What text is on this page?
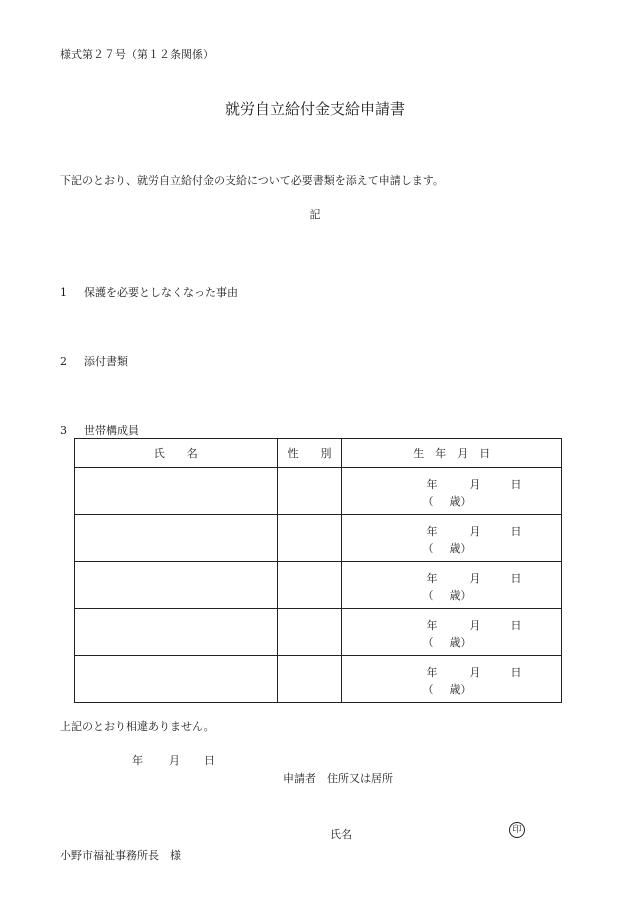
様式第２７号（第１２条関係）
就労自立給付金支給申請書
下記のとおり、就労自立給付金の支給について必要書類を添えて申請します。
記
1 保護を必要としなくなった事由
2 添付書類
3 世帯構成員
氏　　名	性　　別	生　年　月　日

		年 月 日
（ 歳）

		年 月 日
（ 歳）

		年 月 日
（ 歳）

		年 月 日
（ 歳）

		年 月 日
（ 歳）
上記のとおり相違ありません。
年 月 日
申請者　住所又は居所
氏名	印
小野市福祉事務所長　様
